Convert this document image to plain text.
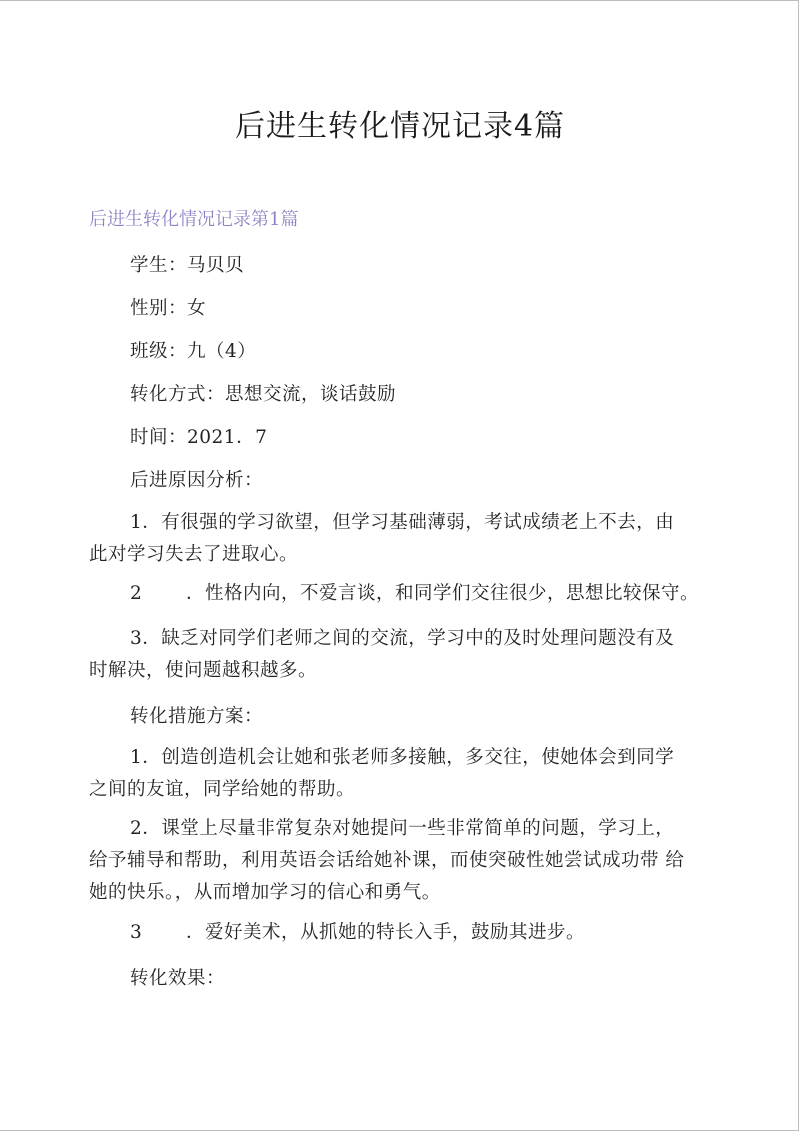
后进生转化情况记录4篇
后进生转化情况记录第1篇
学生：马贝贝
性别：女
班级：九（4）
转化方式：思想交流，谈话鼓励
时间：2021．7
后进原因分析：
1．有很强的学习欲望，但学习基础薄弱，考试成绩老上不去，由
此对学习失去了进取心。
2 ．性格内向，不爱言谈，和同学们交往很少，思想比较保守。
3．缺乏对同学们老师之间的交流，学习中的及时处理问题没有及
时解决，使问题越积越多。
转化措施方案：
1．创造创造机会让她和张老师多接触，多交往，使她体会到同学
之间的友谊，同学给她的帮助。
2．课堂上尽量非常复杂对她提问一些非常简单的问题，学习上，
给予辅导和帮助，利用英语会话给她补课，而使突破性她尝试成功带 给
她的快乐。，从而增加学习的信心和勇气。
3 ．爱好美术，从抓她的特长入手，鼓励其进步。
转化效果：
